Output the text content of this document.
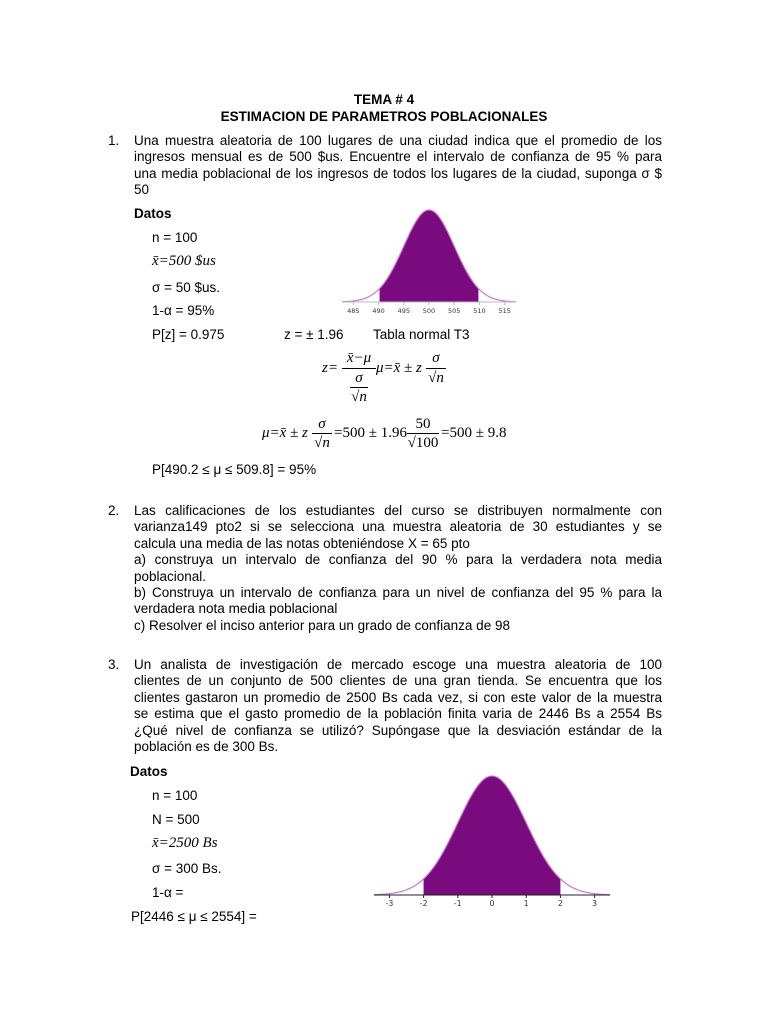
TEMA # 4
ESTIMACION DE PARAMETROS POBLACIONALES
1. Una muestra aleatoria de 100 lugares de una ciudad indica que el promedio de los
ingresos mensual es de 500 $us. Encuentre el intervalo de confianza de 95 % para
una media poblacional de los ingresos de todos los lugares de la ciudad, suponga σ $
50
Datos
n = 100
x̄=500 $us
σ = 50 $us.
1-α = 95%
P[z] = 0.975	z = ± 1.96 Tabla normal T3
z=
x̄−μ
σ
√n
μ=x̄ ± z
σ
√n
μ=x̄ ± z
σ
√n
=500 ± 1.96
50
√100
=500 ± 9.8
P[490.2 ≤ μ ≤ 509.8] = 95%
485 490 495 500 505 510 515
2. Las calificaciones de los estudiantes del curso se distribuyen normalmente con
varianza149 pto2 si se selecciona una muestra aleatoria de 30 estudiantes y se
calcula una media de las notas obteniéndose X = 65 pto
a) construya un intervalo de confianza del 90 % para la verdadera nota media
poblacional.
b) Construya un intervalo de confianza para un nivel de confianza del 95 % para la
verdadera nota media poblacional
c) Resolver el inciso anterior para un grado de confianza de 98
3. Un analista de investigación de mercado escoge una muestra aleatoria de 100
clientes de un conjunto de 500 clientes de una gran tienda. Se encuentra que los
clientes gastaron un promedio de 2500 Bs cada vez, si con este valor de la muestra
se estima que el gasto promedio de la población finita varia de 2446 Bs a 2554 Bs
¿Qué nivel de confianza se utilizó? Supóngase que la desviación estándar de la
población es de 300 Bs.
Datos
n = 100
N = 500
x̄=2500 Bs
σ = 300 Bs.
1-α =
P[2446 ≤ μ ≤ 2554] =
-3	-2	-1	0	1	2	3
